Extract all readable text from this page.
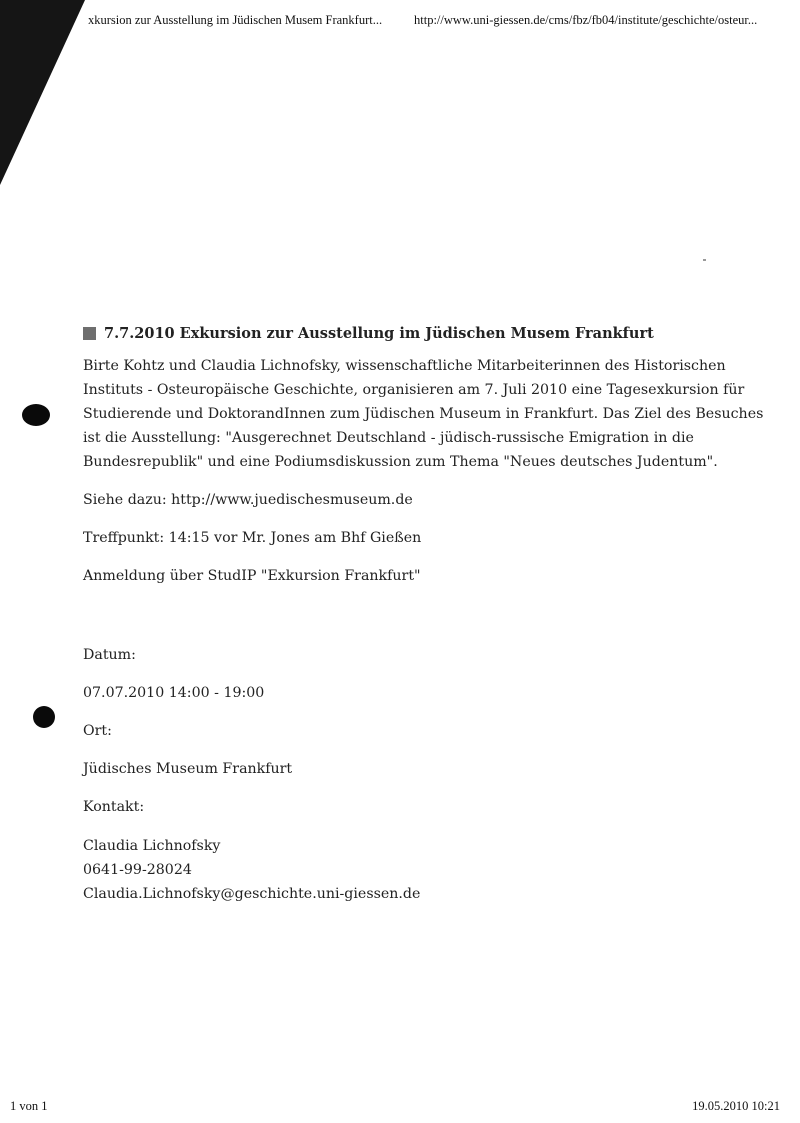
xkursion zur Ausstellung im Jüdischen Musem Frankfurt...	http://www.uni-giessen.de/cms/fbz/fb04/institute/geschichte/osteur...
7.7.2010 Exkursion zur Ausstellung im Jüdischen Musem Frankfurt
Birte Kohtz und Claudia Lichnofsky, wissenschaftliche Mitarbeiterinnen des Historischen
Instituts - Osteuropäische Geschichte, organisieren am 7. Juli 2010 eine Tagesexkursion für
Studierende und DoktorandInnen zum Jüdischen Museum in Frankfurt. Das Ziel des Besuches
ist die Ausstellung: "Ausgerechnet Deutschland - jüdisch-russische Emigration in die
Bundesrepublik" und eine Podiumsdiskussion zum Thema "Neues deutsches Judentum".
Siehe dazu: http://www.juedischesmuseum.de
Treffpunkt: 14:15 vor Mr. Jones am Bhf Gießen
Anmeldung über StudIP "Exkursion Frankfurt"
Datum:
07.07.2010 14:00 - 19:00
Ort:
Jüdisches Museum Frankfurt
Kontakt:
Claudia Lichnofsky
0641-99-28024
Claudia.Lichnofsky@geschichte.uni-giessen.de
1 von 1	19.05.2010 10:21
